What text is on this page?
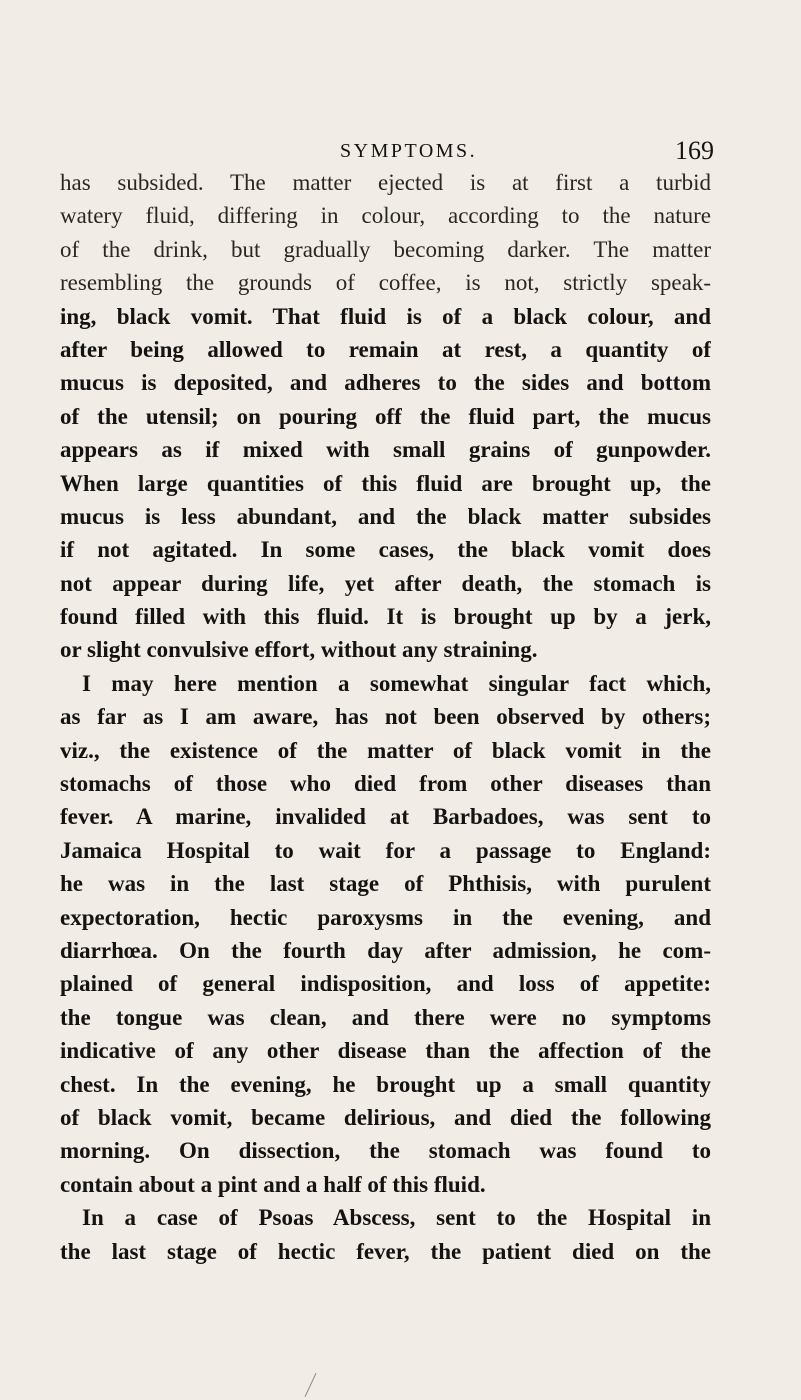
SYMPTOMS.	169
has subsided. The matter ejected is at first a turbid
watery fluid, differing in colour, according to the nature
of the drink, but gradually becoming darker. The matter
resembling the grounds of coffee, is not, strictly speak-
ing, black vomit. That fluid is of a black colour, and
after being allowed to remain at rest, a quantity of
mucus is deposited, and adheres to the sides and bottom
of the utensil; on pouring off the fluid part, the mucus
appears as if mixed with small grains of gunpowder.
When large quantities of this fluid are brought up, the
mucus is less abundant, and the black matter subsides
if not agitated. In some cases, the black vomit does
not appear during life, yet after death, the stomach is
found filled with this fluid. It is brought up by a jerk,
or slight convulsive effort, without any straining.
I may here mention a somewhat singular fact which,
as far as I am aware, has not been observed by others;
viz., the existence of the matter of black vomit in the
stomachs of those who died from other diseases than
fever. A marine, invalided at Barbadoes, was sent to
Jamaica Hospital to wait for a passage to England:
he was in the last stage of Phthisis, with purulent
expectoration, hectic paroxysms in the evening, and
diarrhœa. On the fourth day after admission, he com-
plained of general indisposition, and loss of appetite:
the tongue was clean, and there were no symptoms
indicative of any other disease than the affection of the
chest. In the evening, he brought up a small quantity
of black vomit, became delirious, and died the following
morning. On dissection, the stomach was found to
contain about a pint and a half of this fluid.
In a case of Psoas Abscess, sent to the Hospital in
the last stage of hectic fever, the patient died on the
